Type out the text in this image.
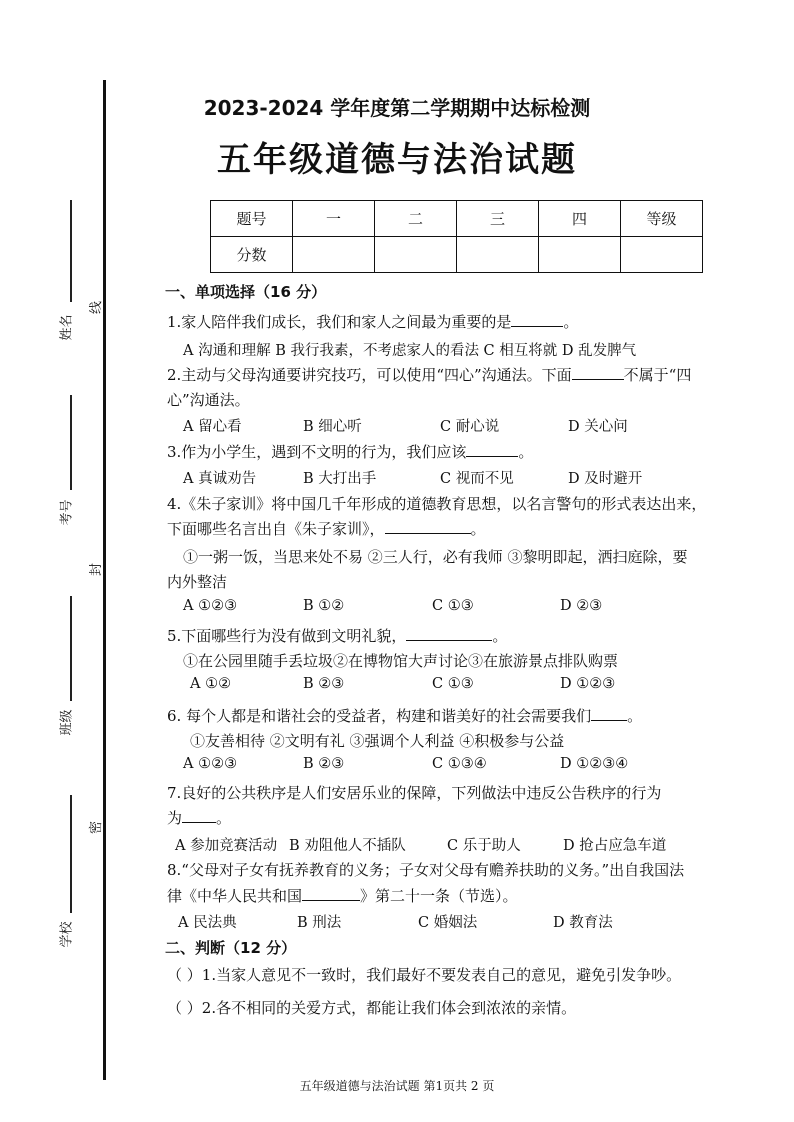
姓名
线
考号
封
班级
密
学校
2023-2024 学年度第二学期期中达标检测
五年级道德与法治试题
题号	一	二	三	四	等级
分数					
一、单项选择（16 分）
1.家人陪伴我们成长，我们和家人之间最为重要的是	。
A 沟通和理解 B 我行我素，不考虑家人的看法 C 相互将就 D 乱发脾气
2.主动与父母沟通要讲究技巧，可以使用“四心”沟通法。下面	不属于“四
心”沟通法。
A 留心看	B 细心听	C 耐心说	D 关心问
3.作为小学生，遇到不文明的行为，我们应该	。
A 真诚劝告	B 大打出手	C 视而不见	D 及时避开
4.《朱子家训》将中国几千年形成的道德教育思想，以名言警句的形式表达出来，
下面哪些名言出自《朱子家训》，	。
①一粥一饭，当思来处不易 ②三人行，必有我师 ③黎明即起，洒扫庭除，要
内外整洁
A ①②③	B ①②	C ①③	D ②③
5.下面哪些行为没有做到文明礼貌，	。
①在公园里随手丢垃圾②在博物馆大声讨论③在旅游景点排队购票
A ①②	B ②③	C ①③	D ①②③
6. 每个人都是和谐社会的受益者，构建和谐美好的社会需要我们 。
①友善相待 ②文明有礼 ③强调个人利益 ④积极参与公益
A ①②③	B ②③	C ①③④	D ①②③④
7.良好的公共秩序是人们安居乐业的保障，下列做法中违反公告秩序的行为
为 。
A 参加竞赛活动 B 劝阻他人不插队	C 乐于助人	D 抢占应急车道
8.“父母对子女有抚养教育的义务；子女对父母有赡养扶助的义务。”出自我国法
律《中华人民共和国	》第二十一条（节选）。
A 民法典	B 刑法	C 婚姻法	D 教育法
二、判断（12 分）
（ ）1.当家人意见不一致时，我们最好不要发表自己的意见，避免引发争吵。
（ ）2.各不相同的关爱方式，都能让我们体会到浓浓的亲情。
五年级道德与法治试题 第1页共 2 页
